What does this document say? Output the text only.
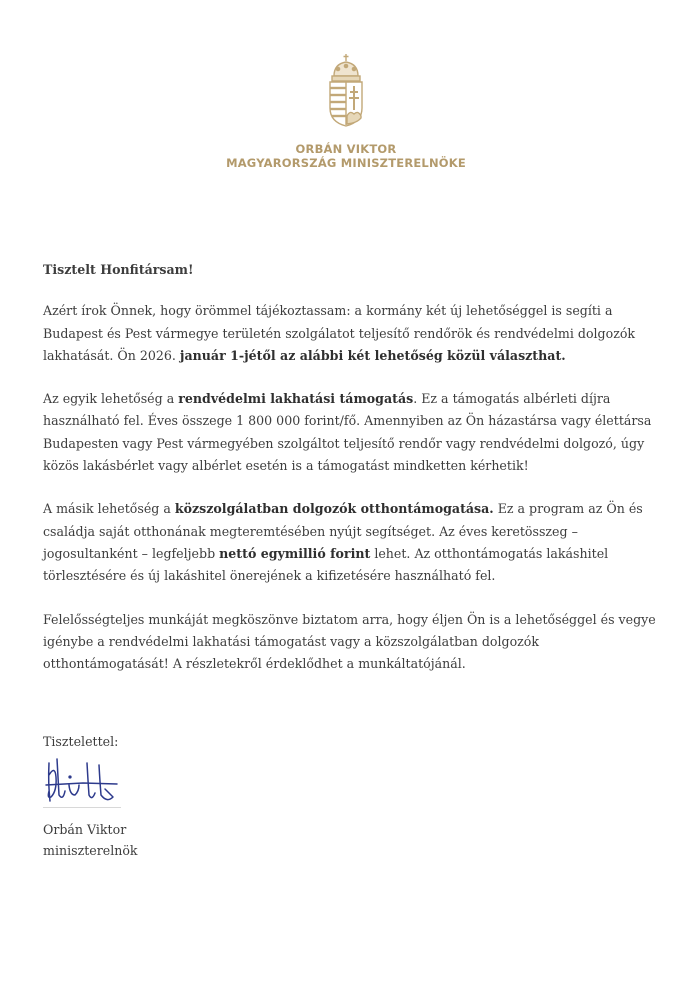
ORBÁN VIKTOR
MAGYARORSZÁG MINISZTERELNÖKE

Tisztelt Honfitársam!

Azért írok Önnek, hogy örömmel tájékoztassam: a kormány két új lehetőséggel is segíti a Budapest és Pest vármegye területén szolgálatot teljesítő rendőrök és rendvédelmi dolgozók lakhatását. Ön 2026. január 1-jétől az alábbi két lehetőség közül választhat.

Az egyik lehetőség a rendvédelmi lakhatási támogatás. Ez a támogatás albérleti díjra használható fel. Éves összege 1 800 000 forint/fő. Amennyiben az Ön házastársa vagy élettársa Budapesten vagy Pest vármegyében szolgáltot teljesítő rendőr vagy rendvédelmi dolgozó, úgy közös lakásbérlet vagy albérlet esetén is a támogatást mindketten kérhetik!

A másik lehetőség a közszolgálatban dolgozók otthontámogatása. Ez a program az Ön és családja saját otthonának megteremtésében nyújt segítséget. Az éves keretösszeg – jogosultanként – legfeljebb nettó egymillió forint lehet. Az otthontámogatás lakáshitel törlesztésére és új lakáshitel önerejének a kifizetésére használható fel.

Felelősségteljes munkáját megköszönve biztatom arra, hogy éljen Ön is a lehetőséggel és vegye igénybe a rendvédelmi lakhatási támogatást vagy a közszolgálatban dolgozók otthontámogatását! A részletekről érdeklődhet a munkáltatójánál.

Tisztelettel:
Orbán Viktor
miniszterelnök
